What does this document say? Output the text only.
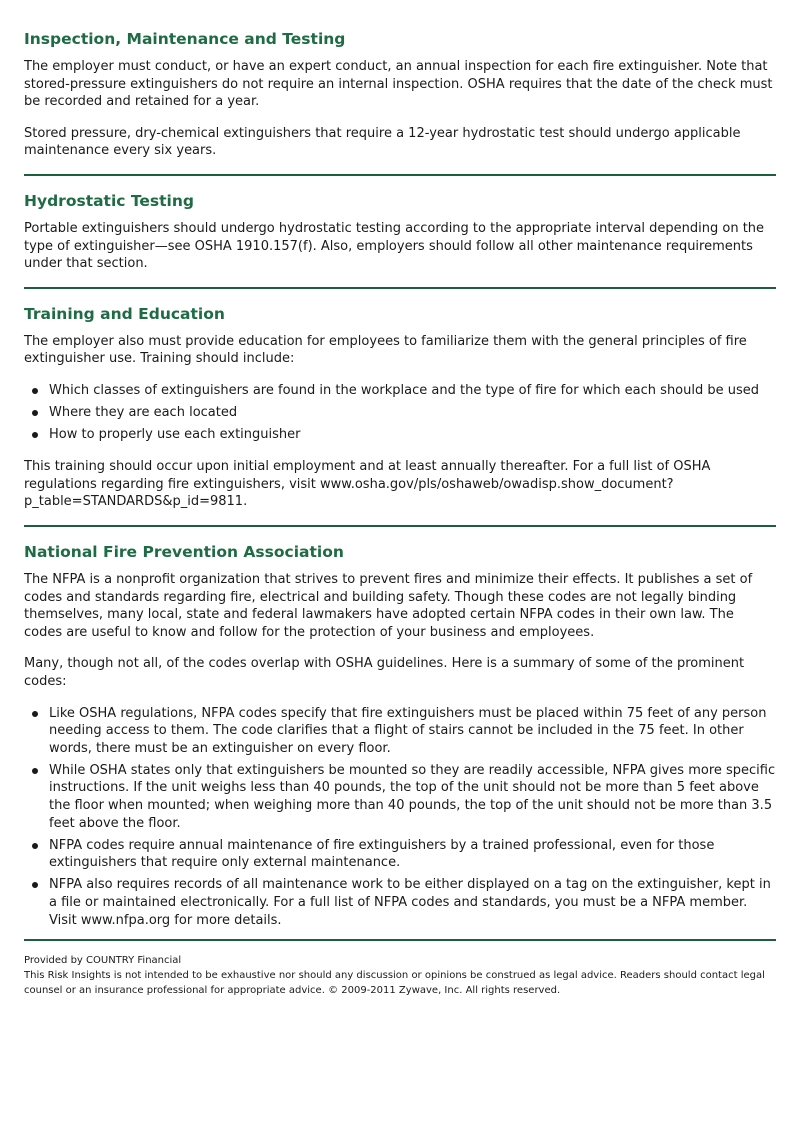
Inspection, Maintenance and Testing

The employer must conduct, or have an expert conduct, an annual inspection for each fire extinguisher. Note that stored-pressure extinguishers do not require an internal inspection. OSHA requires that the date of the check must be recorded and retained for a year.

Stored pressure, dry-chemical extinguishers that require a 12-year hydrostatic test should undergo applicable maintenance every six years.

Hydrostatic Testing

Portable extinguishers should undergo hydrostatic testing according to the appropriate interval depending on the type of extinguisher—see OSHA 1910.157(f). Also, employers should follow all other maintenance requirements under that section.

Training and Education

The employer also must provide education for employees to familiarize them with the general principles of fire extinguisher use. Training should include:

Which classes of extinguishers are found in the workplace and the type of fire for which each should be used
Where they are each located
How to properly use each extinguisher

This training should occur upon initial employment and at least annually thereafter. For a full list of OSHA regulations regarding fire extinguishers, visit www.osha.gov/pls/oshaweb/owadisp.show_document?p_table=STANDARDS&p_id=9811.

National Fire Prevention Association

The NFPA is a nonprofit organization that strives to prevent fires and minimize their effects. It publishes a set of codes and standards regarding fire, electrical and building safety. Though these codes are not legally binding themselves, many local, state and federal lawmakers have adopted certain NFPA codes in their own law. The codes are useful to know and follow for the protection of your business and employees.

Many, though not all, of the codes overlap with OSHA guidelines. Here is a summary of some of the prominent codes:

Like OSHA regulations, NFPA codes specify that fire extinguishers must be placed within 75 feet of any person needing access to them. The code clarifies that a flight of stairs cannot be included in the 75 feet. In other words, there must be an extinguisher on every floor.
While OSHA states only that extinguishers be mounted so they are readily accessible, NFPA gives more specific instructions. If the unit weighs less than 40 pounds, the top of the unit should not be more than 5 feet above the floor when mounted; when weighing more than 40 pounds, the top of the unit should not be more than 3.5 feet above the floor.
NFPA codes require annual maintenance of fire extinguishers by a trained professional, even for those extinguishers that require only external maintenance.
NFPA also requires records of all maintenance work to be either displayed on a tag on the extinguisher, kept in a file or maintained electronically. For a full list of NFPA codes and standards, you must be a NFPA member. Visit www.nfpa.org for more details.
Provided by COUNTRY Financial
This Risk Insights is not intended to be exhaustive nor should any discussion or opinions be construed as legal advice. Readers should contact legal counsel or an insurance professional for appropriate advice. © 2009-2011 Zywave, Inc. All rights reserved.
